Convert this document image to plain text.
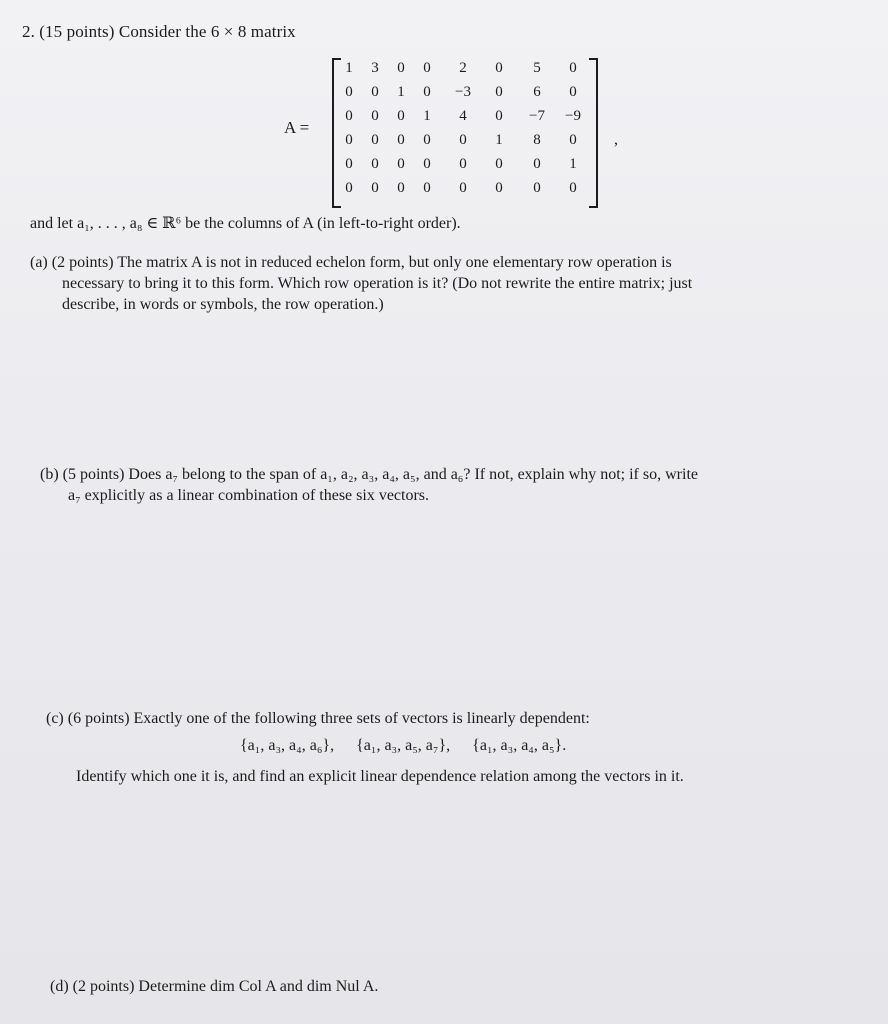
2. (15 points) Consider the 6 × 8 matrix
A =
1	3	0	0	2	0	5	0
0	0	1	0	−3	0	6	0
0	0	0	1	4	0	−7	−9
0	0	0	0	0	1	8	0
0	0	0	0	0	0	0	1
0	0	0	0	0	0	0	0
,
and let a₁, . . . , a₈ ∈ ℝ⁶ be the columns of A (in left-to-right order).
(a) (2 points) The matrix A is not in reduced echelon form, but only one elementary row operation is
necessary to bring it to this form. Which row operation is it? (Do not rewrite the entire matrix; just
describe, in words or symbols, the row operation.)
(b) (5 points) Does a₇ belong to the span of a₁, a₂, a₃, a₄, a₅, and a₆? If not, explain why not; if so, write
a₇ explicitly as a linear combination of these six vectors.
(c) (6 points) Exactly one of the following three sets of vectors is linearly dependent:
{a₁, a₃, a₄, a₆}, {a₁, a₃, a₅, a₇}, {a₁, a₃, a₄, a₅}.
Identify which one it is, and find an explicit linear dependence relation among the vectors in it.
(d) (2 points) Determine dim Col A and dim Nul A.
